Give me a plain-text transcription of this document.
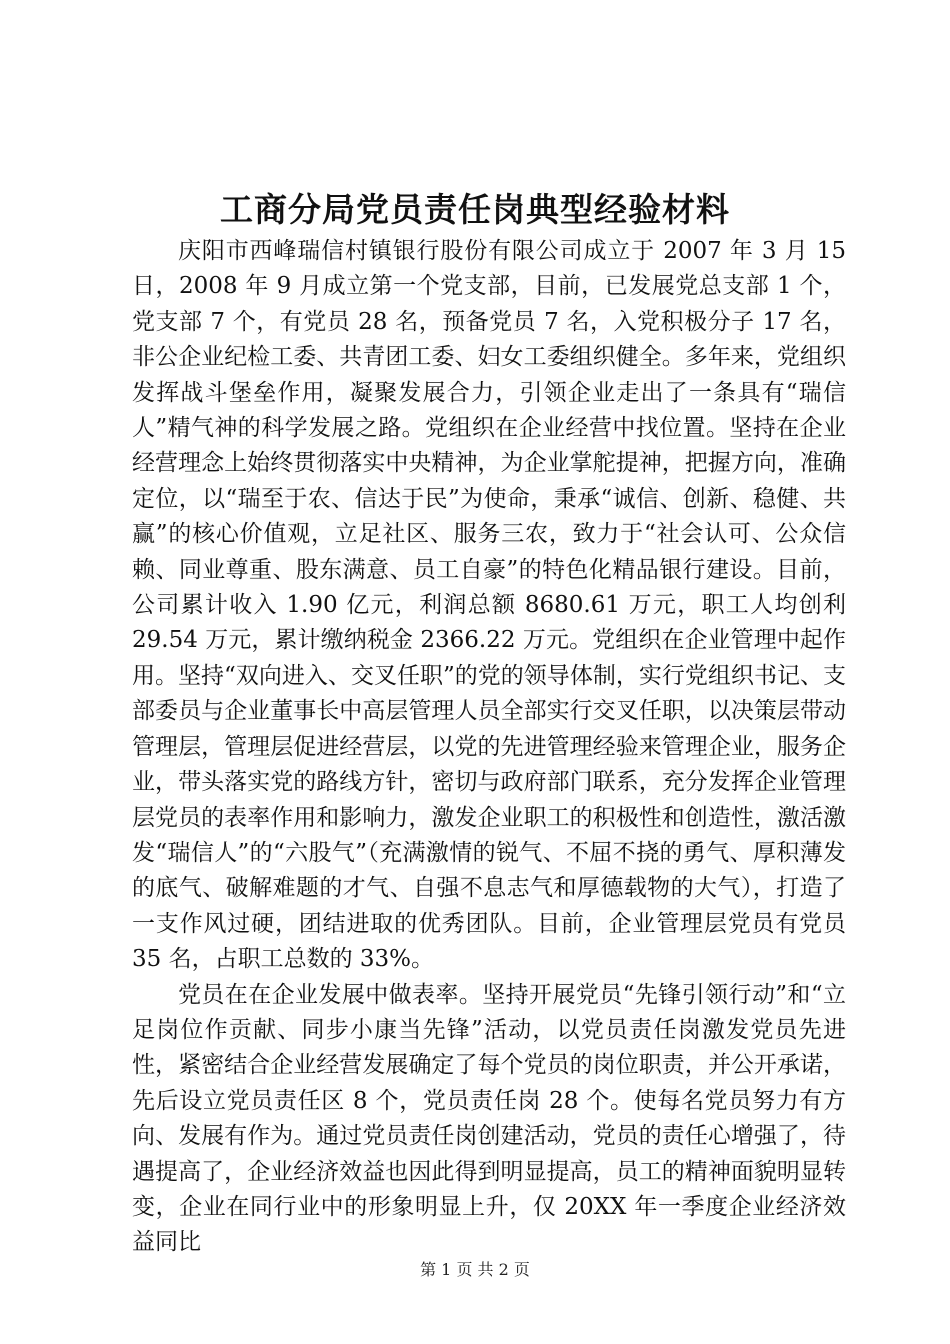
工商分局党员责任岗典型经验材料

庆阳市西峰瑞信村镇银行股份有限公司成立于 2007 年 3 月 15 日，2008 年 9 月成立第一个党支部，目前，已发展党总支部 1 个，党支部 7 个，有党员 28 名，预备党员 7 名，入党积极分子 17 名，非公企业纪检工委、共青团工委、妇女工委组织健全。多年来，党组织发挥战斗堡垒作用，凝聚发展合力，引领企业走出了一条具有“瑞信人”精气神的科学发展之路。党组织在企业经营中找位置。坚持在企业经营理念上始终贯彻落实中央精神，为企业掌舵提神，把握方向，准确定位，以“瑞至于农、信达于民”为使命，秉承“诚信、创新、稳健、共赢”的核心价值观，立足社区、服务三农，致力于“社会认可、公众信赖、同业尊重、股东满意、员工自豪”的特色化精品银行建设。目前，公司累计收入 1.90 亿元，利润总额 8680.61 万元，职工人均创利 29.54 万元，累计缴纳税金 2366.22 万元。党组织在企业管理中起作用。坚持“双向进入、交叉任职”的党的领导体制，实行党组织书记、支部委员与企业董事长中高层管理人员全部实行交叉任职，以决策层带动管理层，管理层促进经营层，以党的先进管理经验来管理企业，服务企业，带头落实党的路线方针，密切与政府部门联系，充分发挥企业管理层党员的表率作用和影响力，激发企业职工的积极性和创造性，激活激发“瑞信人”的“六股气”（充满激情的锐气、不屈不挠的勇气、厚积薄发的底气、破解难题的才气、自强不息志气和厚德载物的大气），打造了一支作风过硬，团结进取的优秀团队。目前，企业管理层党员有党员 35 名，占职工总数的 33%。

党员在在企业发展中做表率。坚持开展党员“先锋引领行动”和“立足岗位作贡献、同步小康当先锋”活动，以党员责任岗激发党员先进性，紧密结合企业经营发展确定了每个党员的岗位职责，并公开承诺，先后设立党员责任区 8 个，党员责任岗 28 个。使每名党员努力有方向、发展有作为。通过党员责任岗创建活动，党员的责任心增强了，待遇提高了，企业经济效益也因此得到明显提高，员工的精神面貌明显转变，企业在同行业中的形象明显上升，仅 20XX 年一季度企业经济效益同比

第 1 页 共 2 页
